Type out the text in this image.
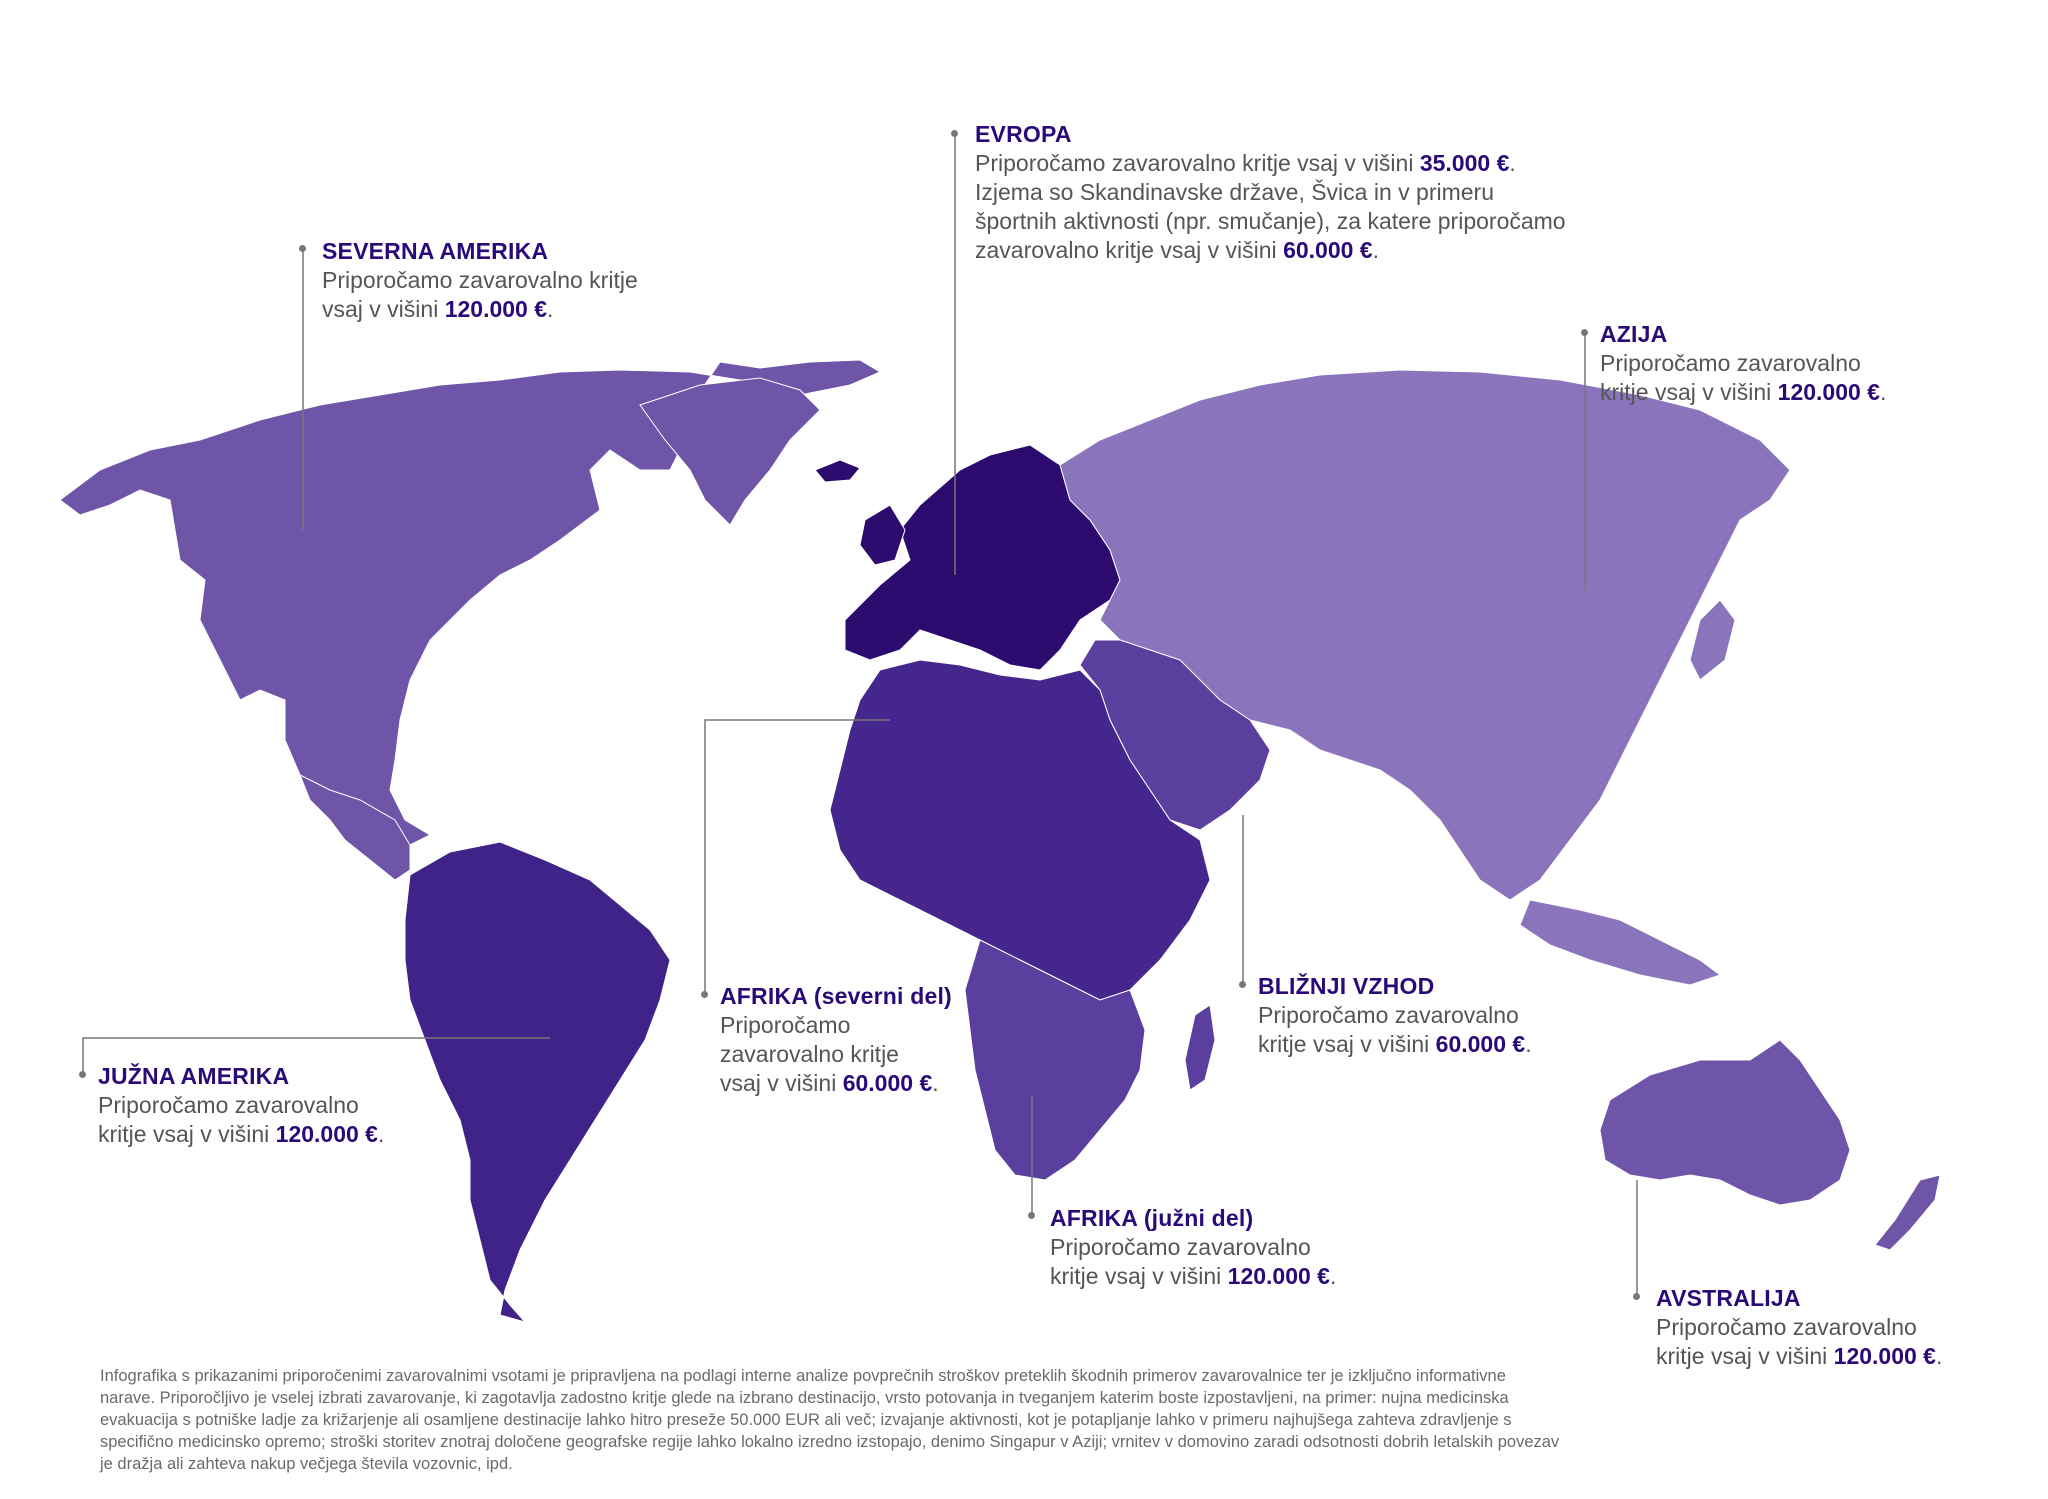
EVROPA
Priporočamo zavarovalno kritje vsaj v višini 35.000 €.
Izjema so Skandinavske države, Švica in v primeru
športnih aktivnosti (npr. smučanje), za katere priporočamo
zavarovalno kritje vsaj v višini 60.000 €.
SEVERNA AMERIKA
Priporočamo zavarovalno kritje
vsaj v višini 120.000 €.
AZIJA
Priporočamo zavarovalno
kritje vsaj v višini 120.000 €.
AFRIKA (severni del)
Priporočamo
zavarovalno kritje
vsaj v višini 60.000 €.
BLIŽNJI VZHOD
Priporočamo zavarovalno
kritje vsaj v višini 60.000 €.
JUŽNA AMERIKA
Priporočamo zavarovalno
kritje vsaj v višini 120.000 €.
AFRIKA (južni del)
Priporočamo zavarovalno
kritje vsaj v višini 120.000 €.
AVSTRALIJA
Priporočamo zavarovalno
kritje vsaj v višini 120.000 €.
Infografika s prikazanimi priporočenimi zavarovalnimi vsotami je pripravljena na podlagi interne analize povprečnih stroškov preteklih škodnih primerov zavarovalnice ter je izključno informativne narave. Priporočljivo je vselej izbrati zavarovanje, ki zagotavlja zadostno kritje glede na izbrano destinacijo, vrsto potovanja in tveganjem katerim boste izpostavljeni, na primer: nujna medicinska evakuacija s potniške ladje za križarjenje ali osamljene destinacije lahko hitro preseže 50.000 EUR ali več; izvajanje aktivnosti, kot je potapljanje lahko v primeru najhujšega zahteva zdravljenje s specifično medicinsko opremo; stroški storitev znotraj določene geografske regije lahko lokalno izredno izstopajo, denimo Singapur v Aziji; vrnitev v domovino zaradi odsotnosti dobrih letalskih povezav je dražja ali zahteva nakup večjega števila vozovnic, ipd.
